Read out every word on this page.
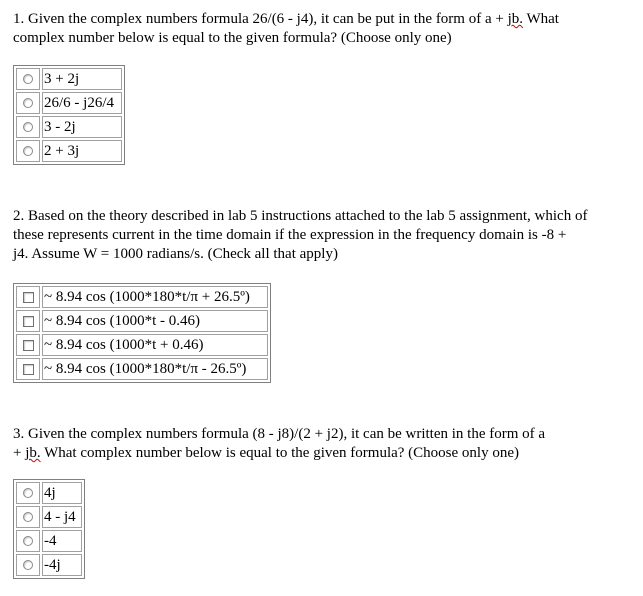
1. Given the complex numbers formula 26/(6 - j4), it can be put in the form of a + jb. What
complex number below is equal to the given formula? (Choose only one)
	3 + 2j
	26/6 - j26/4
	3 - 2j
	2 + 3j
2. Based on the theory described in lab 5 instructions attached to the lab 5 assignment, which of
these represents current in the time domain if the expression in the frequency domain is -8 +
j4. Assume W = 1000 radians/s. (Check all that apply)
	~ 8.94 cos (1000*180*t/π + 26.5º)
	~ 8.94 cos (1000*t - 0.46)
	~ 8.94 cos (1000*t + 0.46)
	~ 8.94 cos (1000*180*t/π - 26.5º)
3. Given the complex numbers formula (8 - j8)/(2 + j2), it can be written in the form of a
+ jb. What complex number below is equal to the given formula? (Choose only one)
	4j
	4 - j4
	-4
	-4j
